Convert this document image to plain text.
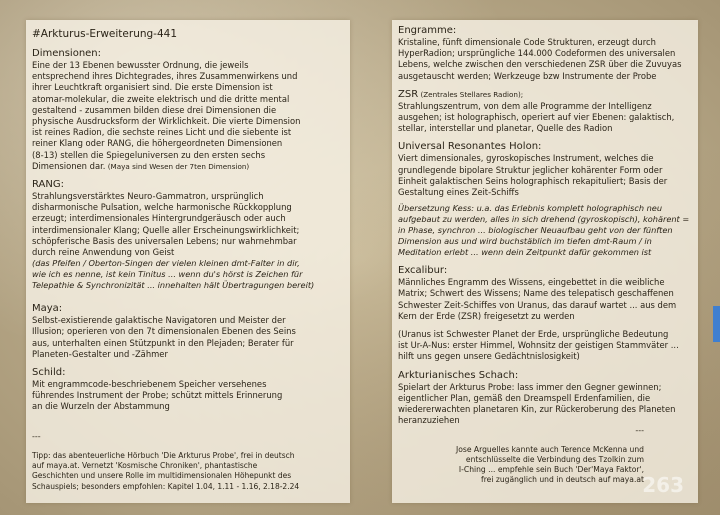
#Arkturus-Erweiterung-441
Dimensionen:
Eine der 13 Ebenen bewusster Ordnung, die jeweils
entsprechend ihres Dichtegrades, ihres Zusammenwirkens und
ihrer Leuchtkraft organisiert sind. Die erste Dimension ist
atomar-molekular, die zweite elektrisch und die dritte mental
gestaltend - zusammen bilden diese drei Dimensionen die
physische Ausdrucksform der Wirklichkeit. Die vierte Dimension
ist reines Radion, die sechste reines Licht und die siebente ist
reiner Klang oder RANG, die höhergeordneten Dimensionen
(8-13) stellen die Spiegeluniversen zu den ersten sechs
Dimensionen dar. (Maya sind Wesen der 7ten Dimension)
RANG:
Strahlungsverstärktes Neuro-Gammatron, ursprünglich
disharmonische Pulsation, welche harmonische Rückkopplung
erzeugt; interdimensionales Hintergrundgeräusch oder auch
interdimensionaler Klang; Quelle aller Erscheinungswirklichkeit;
schöpferische Basis des universalen Lebens; nur wahrnehmbar
durch reine Anwendung von Geist
(das Pfeifen / Oberton-Singen der vielen kleinen dmt-Falter in dir,
wie ich es nenne, ist kein Tinitus ... wenn du's hörst is Zeichen für
Telepathie & Synchronizität ... innehalten hält Übertragungen bereit)
Maya:
Selbst-existierende galaktische Navigatoren und Meister der
Illusion; operieren von den 7t dimensionalen Ebenen des Seins
aus, unterhalten einen Stützpunkt in den Plejaden; Berater für
Planeten-Gestalter und -Zähmer
Schild:
Mit engrammcode-beschriebenem Speicher versehenes
führendes Instrument der Probe; schützt mittels Erinnerung
an die Wurzeln der Abstammung

---

Tipp: das abenteuerliche Hörbuch 'Die Arkturus Probe', frei in deutsch
auf maya.at. Vernetzt 'Kosmische Chroniken', phantastische
Geschichten und unsere Rolle im multidimensionalen Höhepunkt des
Schauspiels; besonders empfohlen: Kapitel 1.04, 1.11 - 1.16, 2.18-2.24

Engramme:
Kristaline, fünft dimensionale Code Strukturen, erzeugt durch
HyperRadion; ursprüngliche 144.000 Codeformen des universalen
Lebens, welche zwischen den verschiedenen ZSR über die Zuvuyas
ausgetauscht werden; Werkzeuge bzw Instrumente der Probe
ZSR (Zentrales Stellares Radion);
Strahlungszentrum, von dem alle Programme der Intelligenz
ausgehen; ist holographisch, operiert auf vier Ebenen: galaktisch,
stellar, interstellar und planetar, Quelle des Radion
Universal Resonantes Holon:
Viert dimensionales, gyroskopisches Instrument, welches die
grundlegende bipolare Struktur jeglicher kohärenter Form oder
Einheit galaktischen Seins holographisch rekapituliert; Basis der
Gestaltung eines Zeit-Schiffs
Übersetzung Kess: u.a. das Erlebnis komplett holographisch neu
aufgebaut zu werden, alles in sich drehend (gyroskopisch), kohärent =
in Phase, synchron ... biologischer Neuaufbau geht von der fünften
Dimension aus und wird buchstäblich im tiefen dmt-Raum / in
Meditation erlebt ... wenn dein Zeitpunkt dafür gekommen ist
Excalibur:
Männliches Engramm des Wissens, eingebettet in die weibliche
Matrix; Schwert des Wissens; Name des telepatisch geschaffenen
Schwester Zeit-Schiffes von Uranus, das darauf wartet ... aus dem
Kern der Erde (ZSR) freigesetzt zu werden
(Uranus ist Schwester Planet der Erde, ursprüngliche Bedeutung
ist Ur-A-Nus: erster Himmel, Wohnsitz der geistigen Stammväter ...
hilft uns gegen unsere Gedächtnislosigkeit)
Arkturianisches Schach:
Spielart der Arkturus Probe: lass immer den Gegner gewinnen;
eigentlicher Plan, gemäß den Dreamspell Erdenfamilien, die
wiedererwachten planetaren Kin, zur Rückeroberung des Planeten
heranzuziehen

---

Jose Arguelles kannte auch Terence McKenna und
entschlüsselte die Verbindung des Tzolkin zum
I-Ching ... empfehle sein Buch 'Der'Maya Faktor',
frei zugänglich und in deutsch auf maya.at

263
